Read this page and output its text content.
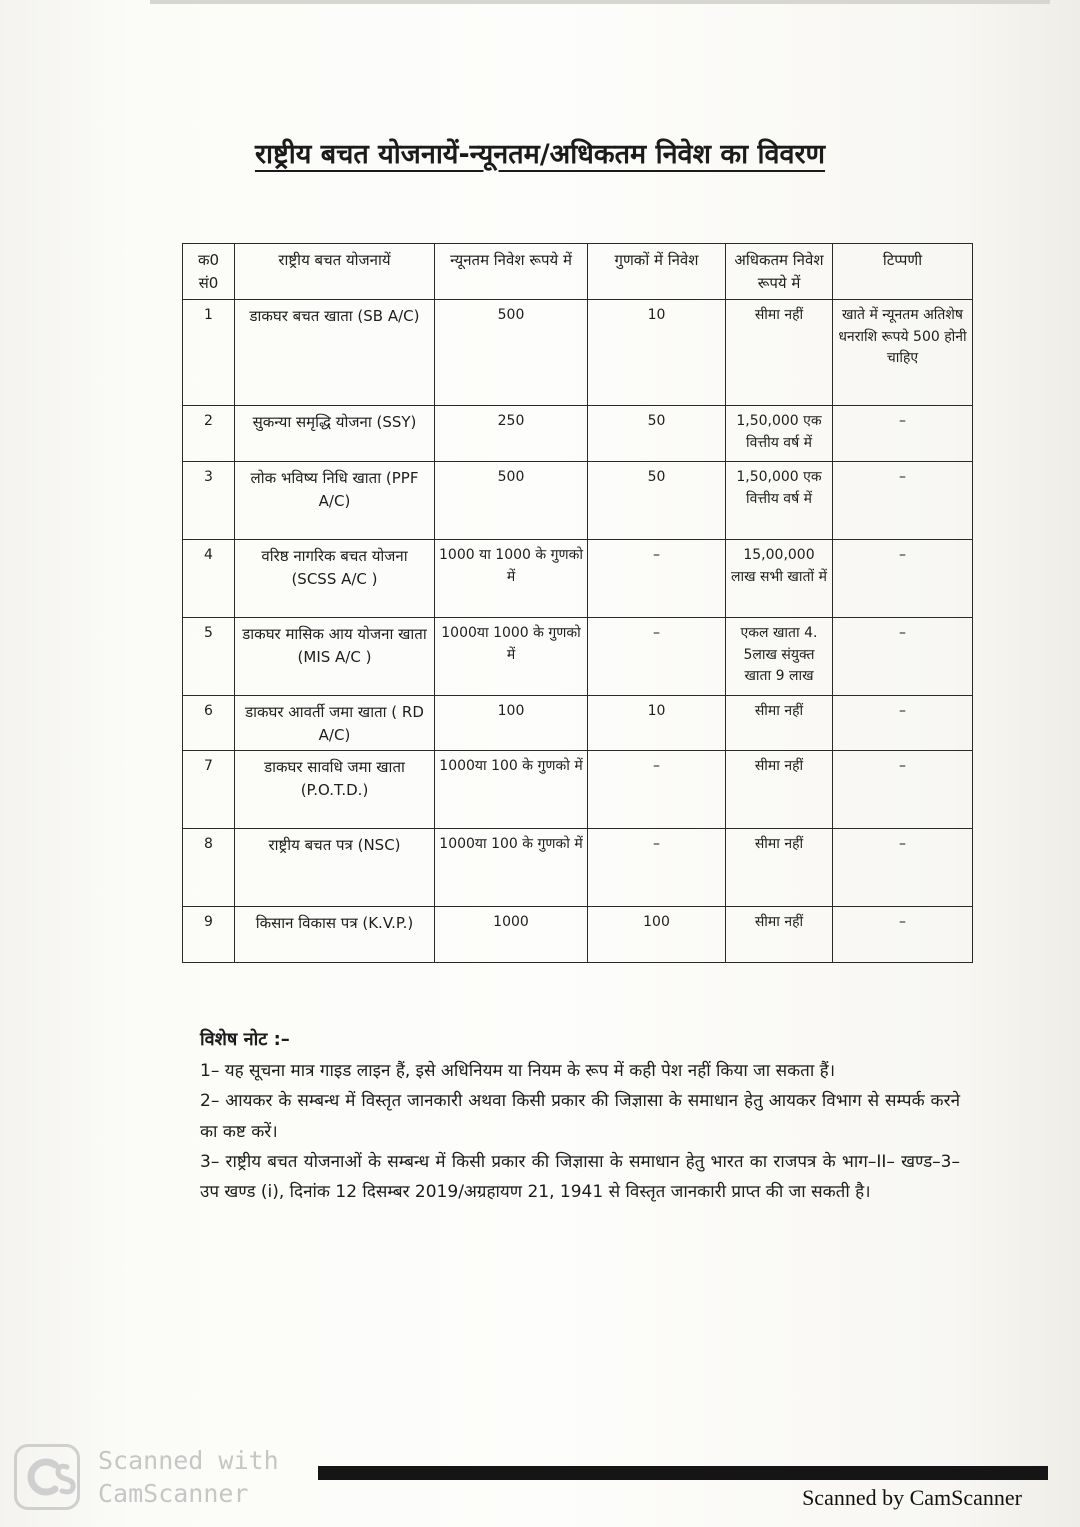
राष्ट्रीय बचत योजनायें-न्यूनतम/अधिकतम निवेश का विवरण
क0 सं0	राष्ट्रीय बचत योजनायें	न्यूनतम निवेश रूपये में	गुणकों में निवेश	अधिकतम निवेश रूपये में	टिप्पणी
1	डाकघर बचत खाता (SB A/C)	500	10	सीमा नहीं	खाते में न्यूनतम अतिशेष धनराशि रूपये 500 होनी चाहिए
2	सुकन्या समृद्धि योजना (SSY)	250	50	1,50,000 एक वित्तीय वर्ष में	–
3	लोक भविष्य निधि खाता (PPF A/C)	500	50	1,50,000 एक वित्तीय वर्ष में	–
4	वरिष्ठ नागरिक बचत योजना (SCSS A/C )	1000 या 1000 के गुणको में	–	15,00,000 लाख सभी खातों में	–
5	डाकघर मासिक आय योजना खाता (MIS A/C )	1000या 1000 के गुणको में	–	एकल खाता 4. 5लाख संयुक्त खाता 9 लाख	–
6	डाकघर आवर्ती जमा खाता ( RD A/C)	100	10	सीमा नहीं	–
7	डाकघर सावधि जमा खाता (P.O.T.D.)	1000या 100 के गुणको में	–	सीमा नहीं	–
8	राष्ट्रीय बचत पत्र (NSC)	1000या 100 के गुणको में	–	सीमा नहीं	–
9	किसान विकास पत्र (K.V.P.)	1000	100	सीमा नहीं	–
विशेष नोट :–
1– यह सूचना मात्र गाइड लाइन हैं, इसे अधिनियम या नियम के रूप में कही पेश नहीं किया जा सकता हैं।
2– आयकर के सम्बन्ध में विस्तृत जानकारी अथवा किसी प्रकार की जिज्ञासा के समाधान हेतु आयकर विभाग से सम्पर्क करने का कष्ट करें।
3– राष्ट्रीय बचत योजनाओं के सम्बन्ध में किसी प्रकार की जिज्ञासा के समाधान हेतु भारत का राजपत्र के भाग–II– खण्ड–3–उप खण्ड (i), दिनांक 12 दिसम्बर 2019/अग्रहायण 21, 1941 से विस्तृत जानकारी प्राप्त की जा सकती है।
Scanned with
CamScanner	Scanned by CamScanner
